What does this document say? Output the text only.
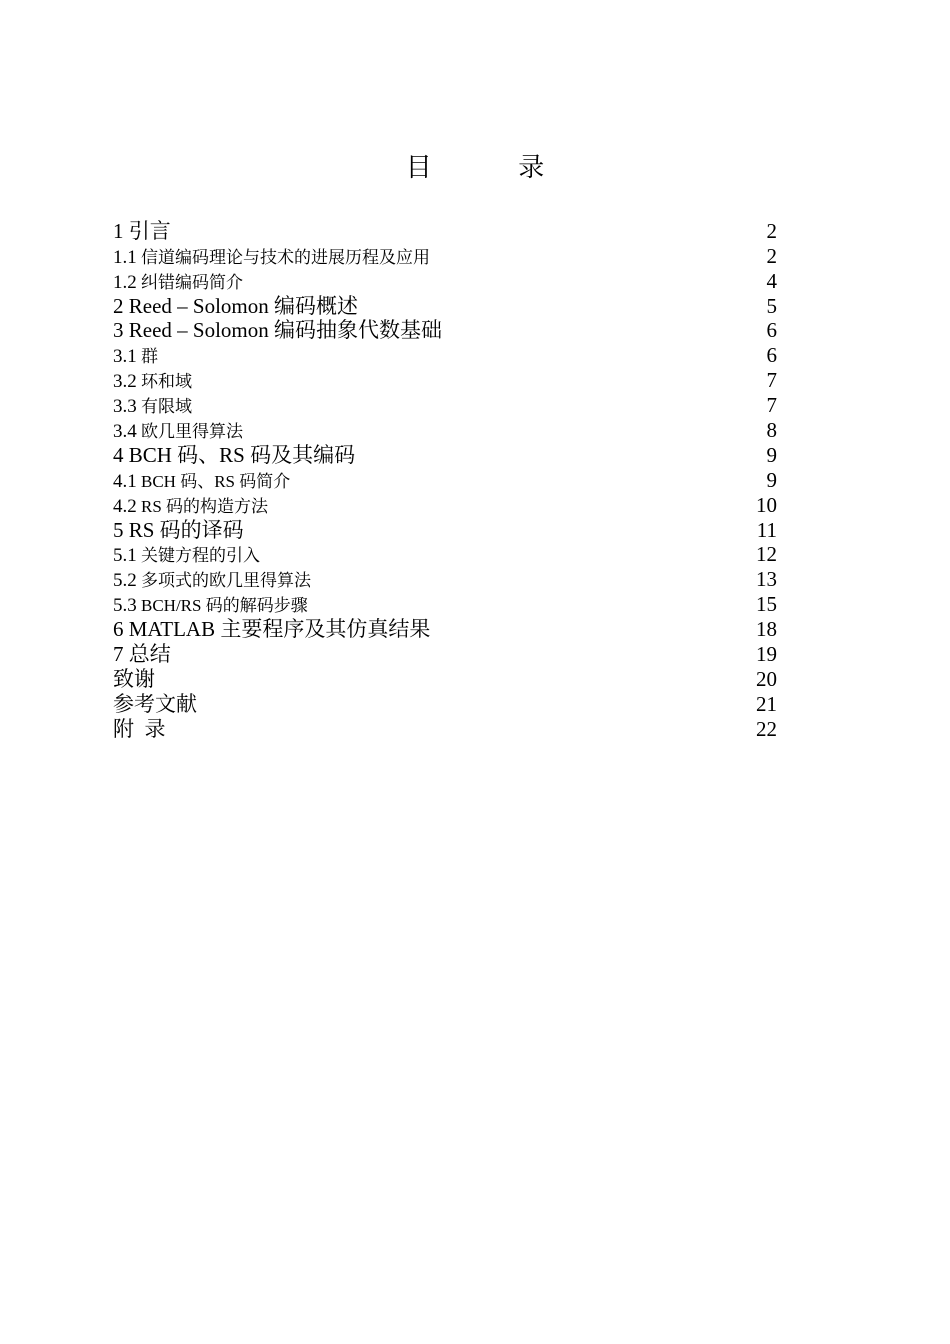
目 录
1 引言	2
1.1 信道编码理论与技术的进展历程及应用	2
1.2 纠错编码简介	4
2 Reed – Solomon 编码概述	5
3 Reed – Solomon 编码抽象代数基础	6
3.1 群	6
3.2 环和域	7
3.3 有限域	7
3.4 欧几里得算法	8
4 BCH 码、RS 码及其编码	9
4.1 BCH 码、RS 码简介	9
4.2 RS 码的构造方法	10
5 RS 码的译码	11
5.1 关键方程的引入	12
5.2 多项式的欧几里得算法	13
5.3 BCH/RS 码的解码步骤	15
6 MATLAB 主要程序及其仿真结果	18
7 总结	19
致谢	20
参考文献	21
附  录	22
